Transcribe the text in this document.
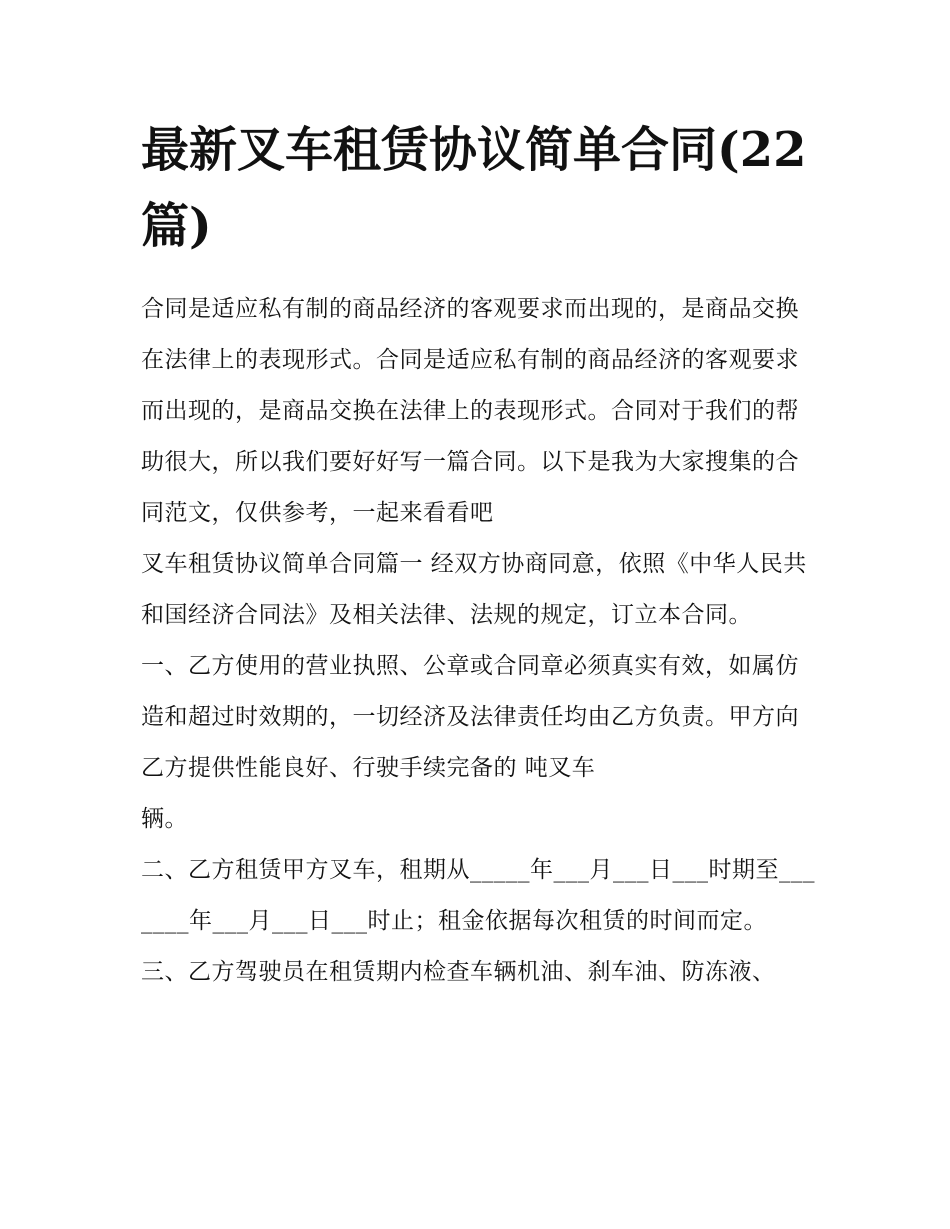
最新叉车租赁协议简单合同(22篇)

合同是适应私有制的商品经济的客观要求而出现的，是商品交换在法律上的表现形式。合同是适应私有制的商品经济的客观要求而出现的，是商品交换在法律上的表现形式。合同对于我们的帮助很大，所以我们要好好写一篇合同。以下是我为大家搜集的合同范文，仅供参考，一起来看看吧

叉车租赁协议简单合同篇一 经双方协商同意，依照《中华人民共和国经济合同法》及相关法律、法规的规定，订立本合同。

一、乙方使用的营业执照、公章或合同章必须真实有效，如属仿造和超过时效期的，一切经济及法律责任均由乙方负责。甲方向乙方提供性能良好、行驶手续完备的 吨叉车

辆。

二、乙方租赁甲方叉车，租期从_____年___月___日___时期至_______年___月___日___时止；租金依据每次租赁的时间而定。

三、乙方驾驶员在租赁期内检查车辆机油、刹车油、防冻液、
